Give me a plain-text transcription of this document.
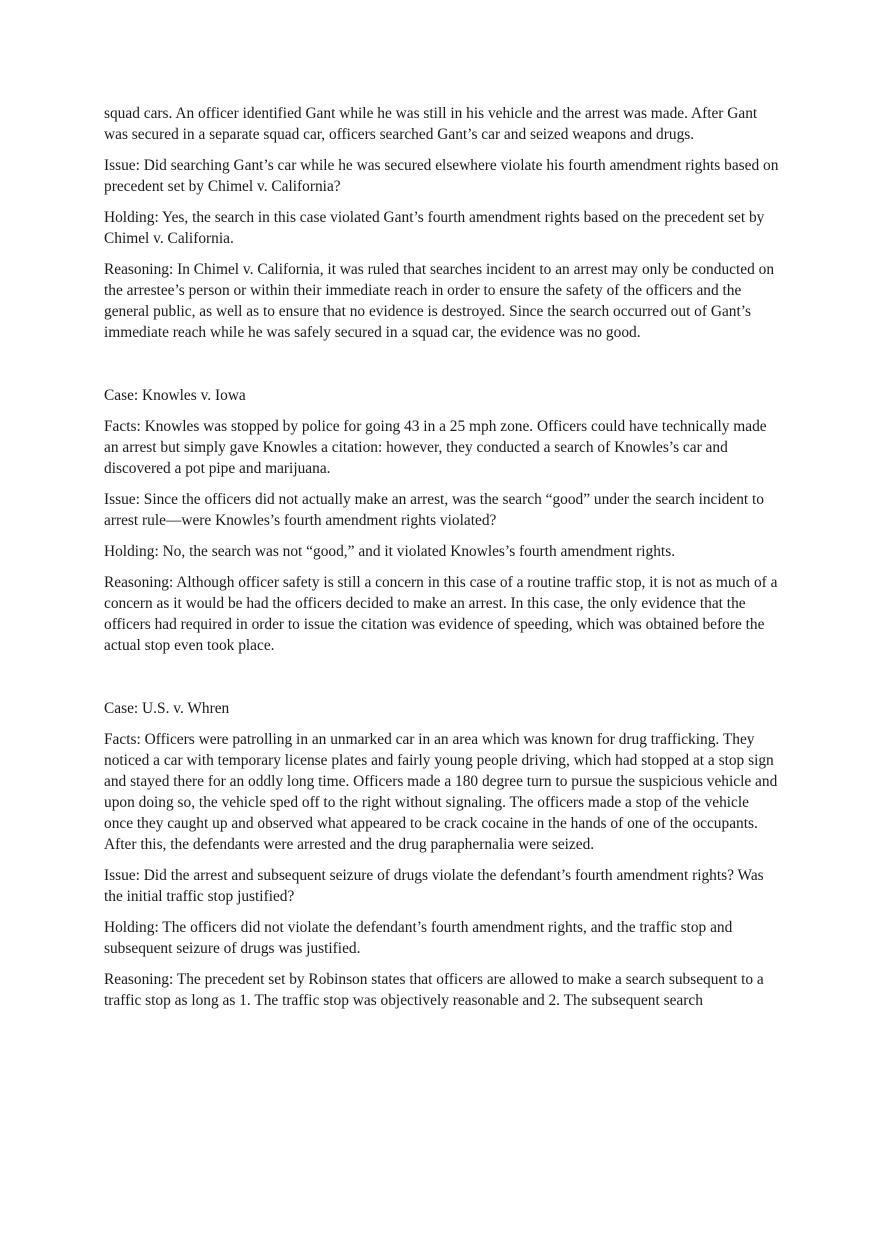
squad cars. An officer identified Gant while he was still in his vehicle and the arrest was made. After Gant was secured in a separate squad car, officers searched Gant’s car and seized weapons and drugs.

Issue: Did searching Gant’s car while he was secured elsewhere violate his fourth amendment rights based on precedent set by Chimel v. California?

Holding: Yes, the search in this case violated Gant’s fourth amendment rights based on the precedent set by Chimel v. California.

Reasoning: In Chimel v. California, it was ruled that searches incident to an arrest may only be conducted on the arrestee’s person or within their immediate reach in order to ensure the safety of the officers and the general public, as well as to ensure that no evidence is destroyed. Since the search occurred out of Gant’s immediate reach while he was safely secured in a squad car, the evidence was no good.

Case: Knowles v. Iowa

Facts: Knowles was stopped by police for going 43 in a 25 mph zone. Officers could have technically made an arrest but simply gave Knowles a citation: however, they conducted a search of Knowles’s car and discovered a pot pipe and marijuana.

Issue: Since the officers did not actually make an arrest, was the search “good” under the search incident to arrest rule—were Knowles’s fourth amendment rights violated?

Holding: No, the search was not “good,” and it violated Knowles’s fourth amendment rights.

Reasoning: Although officer safety is still a concern in this case of a routine traffic stop, it is not as much of a concern as it would be had the officers decided to make an arrest. In this case, the only evidence that the officers had required in order to issue the citation was evidence of speeding, which was obtained before the actual stop even took place.

Case: U.S. v. Whren

Facts: Officers were patrolling in an unmarked car in an area which was known for drug trafficking. They noticed a car with temporary license plates and fairly young people driving, which had stopped at a stop sign and stayed there for an oddly long time. Officers made a 180 degree turn to pursue the suspicious vehicle and upon doing so, the vehicle sped off to the right without signaling. The officers made a stop of the vehicle once they caught up and observed what appeared to be crack cocaine in the hands of one of the occupants. After this, the defendants were arrested and the drug paraphernalia were seized.

Issue: Did the arrest and subsequent seizure of drugs violate the defendant’s fourth amendment rights? Was the initial traffic stop justified?

Holding: The officers did not violate the defendant’s fourth amendment rights, and the traffic stop and subsequent seizure of drugs was justified.

Reasoning: The precedent set by Robinson states that officers are allowed to make a search subsequent to a traffic stop as long as 1. The traffic stop was objectively reasonable and 2. The subsequent search
